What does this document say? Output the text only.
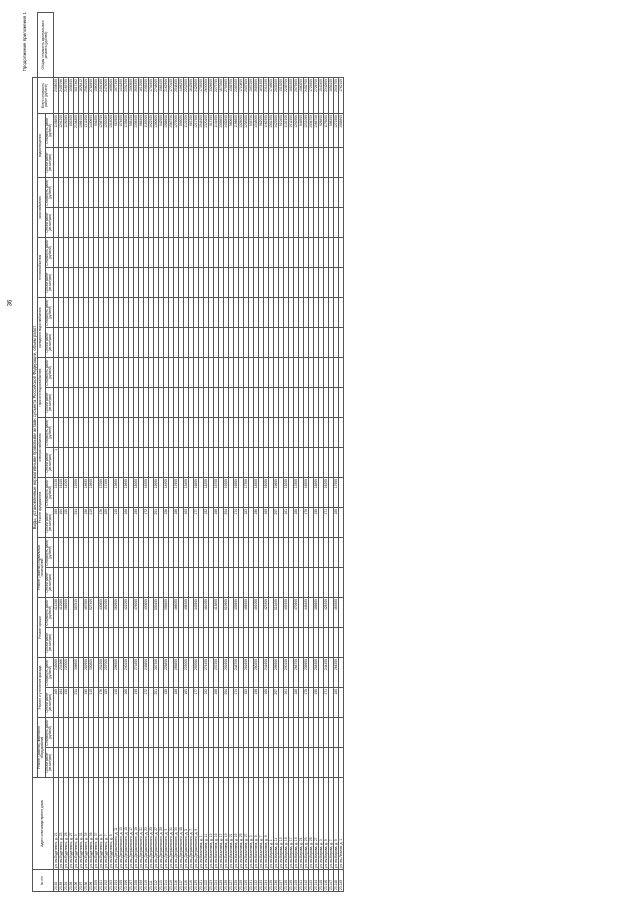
36
Продолжение приложения 1
№ п/п	Адрес многоквартирного дома	Виды, установленные нормативными правовыми актами субъекта Российской Федерации, объем работ																							
		Ремонт (замена) лифтового оборудования		Ремонт и утепление фасада		Ремонт крыши		Ремонт (замена) подвальных помещений		Ремонт фундамента		электроснабжения		горячего водоснабжения		холодного водоснабжения		теплоснабжения		газоснабжения		водоотведения		Всего стоимость работ (рублей)	Общая стоимость капитального ремонта (рублей)
		Объем работ (кв.метров)	Стоимость работ (рублей)	Объем работ (кв.метров)	Стоимость работ (рублей)	Объем работ (кв.метров)	Стоимость работ (рублей)	Объем работ (кв.метров)	Стоимость работ (рублей)	Объем работ (кв.метров)	Стоимость работ (рублей)	Объем работ (кв.метров)	Стоимость работ (рублей)	Объем работ (кв.метров)	Стоимость работ (рублей)	Объем работ (кв.метров)	Стоимость работ (рублей)	Объем работ (кв.метров)	Стоимость работ (рублей)	Объем работ (кв.метров)	Стоимость работ (рублей)	Объем работ (кв.метров)	Стоимость работ (рублей)		
23.92	ул. им.Буденного, д. 21			160	245000		414288			160	15135	1											1136800	2336030	
23.93	ул. им.Буденного, д. 23			164	231966		412085			164	16100												1201200	2409796	
23.94	ул. им.Буденного, д. 25			155	220000		388900			155	14000												1109260	2163795	
23.95	ул. им.Буденного, д. 27																						853300	1908300	
23.96	ул. им.Буденного, д. 3			234	336600		587810			234	19300												2104800	3817462	
23.97	ул. им.Буденного, д. 31																						1096100	1826412	
23.98	ул. им.Буденного, д. 33			198	282900		497590			198	18650												1311900	2580100	
23.99	ул. им.Буденного, д. 35			210	300800		527300			210	19800												1440600	2788900	
23.100	ул. им.Буденного, д. 37																						994800	1560300	
23.101	ул. им.Буденного, д. 5			176	251200		440600			176	17000												1208700	2401500	
23.102	ул. им.Буденного, д. 7			180	257000		451000			180	17400												1253000	2478000	
23.103	ул. им.Буденного, д. 9																						1016000	1695000	
23.104	ул. им.Дзержинского, д. 11			145	206500		362600			145	13600												987600	1977300	
23.105	ул. им.Дзержинского, д. 13																						874600	1441800	
23.106	ул. им.Дзержинского, д. 15			168	240100		421000			168	15900												1155800	2301300	
23.107	ул. им.Дзержинского, д. 17																						905100	1500900	
23.108	ул. им.Дзержинского, д. 19			190	271800		476000			190	18000												1306300	2603300	
23.109	ул. им.Дзержинского, д. 21																						968400	1612000	
23.110	ул. им.Дзержинского, д. 23			172	245800		430800			172	16300												1183000	2355300	
23.111	ул. им.Дзержинского, д. 25																						1022300	1701600	
23.112	ул. им.Дзержинского, д. 27			201	287300		503400			201	19000												1380900	2748000	
23.113	ул. им.Дзержинского, д. 29																						942500	1568100	
23.114	ул. им.Дзержинского, д. 3			158	225800		395800			158	14900												1086600	2162900	
23.115	ул. им.Дзержинского, д. 31																						1063700	1770100	
23.116	ул. им.Дзержинского, д. 33			186	265800		466000			186	17600												1279000	2548400	
23.117	ул. им.Дзержинского, д. 35																						899000	1496200	
23.118	ул. им.Дзержинского, д. 5			163	233000		408300			163	15400												1121000	2232500	
23.119	ул. им.Дзержинского, д. 7																						987200	1642900	
23.120	ул. им.Дзержинского, д. 9			177	253000		443500			177	16800												1217300	2425900	
23.121	ул. им.Калинина, д. 1																						1044900	1739200	
23.122	ул. им.Калинина, д. 11			192	274400		481000			192	18200												1320400	2630000	
23.123	ул. им.Калинина, д. 13																						917300	1526600	
23.124	ул. им.Калинина, д. 15			166	237200		415800			166	15700												1141600	2273700	
23.125	ул. им.Калинина, д. 17																						1005600	1673500	
23.126	ул. им.Калинина, д. 19			204	291600		510900			204	19300												1402800	2793900	
23.127	ул. им.Калинина, д. 21																						960600	1598700	
23.128	ул. им.Калинина, д. 23			174	248700		435900			174	16500												1196600	2383300	
23.129	ул. им.Калинина, д. 25																						1028000	1710800	
23.130	ул. им.Калинина, д. 27			183	261600		458500			183	17300												1258500	2507500	
23.131	ул. им.Калинина, д. 3																						935700	1557200	
23.132	ул. им.Калинина, д. 5			196	280200		491000			196	18500												1348000	2685500	
23.133	ул. им.Калинина, д. 7																						982000	1634300	
23.134	ул. им.Калинина, д. 9			169	241600		423300			169	16000												1162300	2315100	
23.135	ул. им.Кирова, д. 1																						1051300	1749600	
23.136	ул. им.Кирова, д. 11			207	295900		518400			207	19600												1423500	2835300	
23.137	ул. им.Кирова, д. 13																						910400	1515200	
23.138	ул. им.Кирова, д. 15			161	230100		403300			161	15200												1107400	2205700	
23.139	ул. им.Кирова, д. 17																						1011500	1683300	
23.140	ул. им.Кирова, д. 19			188	268700		470900			188	17800												1292900	2575900	
23.141	ул. им.Кирова, д. 21																						949500	1580200	
23.142	ул. им.Кирова, д. 23			179	255900		448400			179	16900												1231000	2452700	
23.143	ул. им.Кирова, д. 25																						1036700	1725300	
23.144	ул. им.Кирова, д. 27			199	284500		498600			199	18800												1368700	2726700	
23.145	ул. им.Кирова, д. 3																						926800	1542400	
23.146	ул. им.Кирова, д. 5			171	244400		428300			171	16200												1176000	2342600	
23.147	ул. им.Кирова, д. 7																						996300	1658100	
23.148	ул. им.Кирова, д. 9			185	264500		463500			185	17500												1272300	2534700	
23.149	ул. им.Ленина, д. 1																						1058800	1762100	
